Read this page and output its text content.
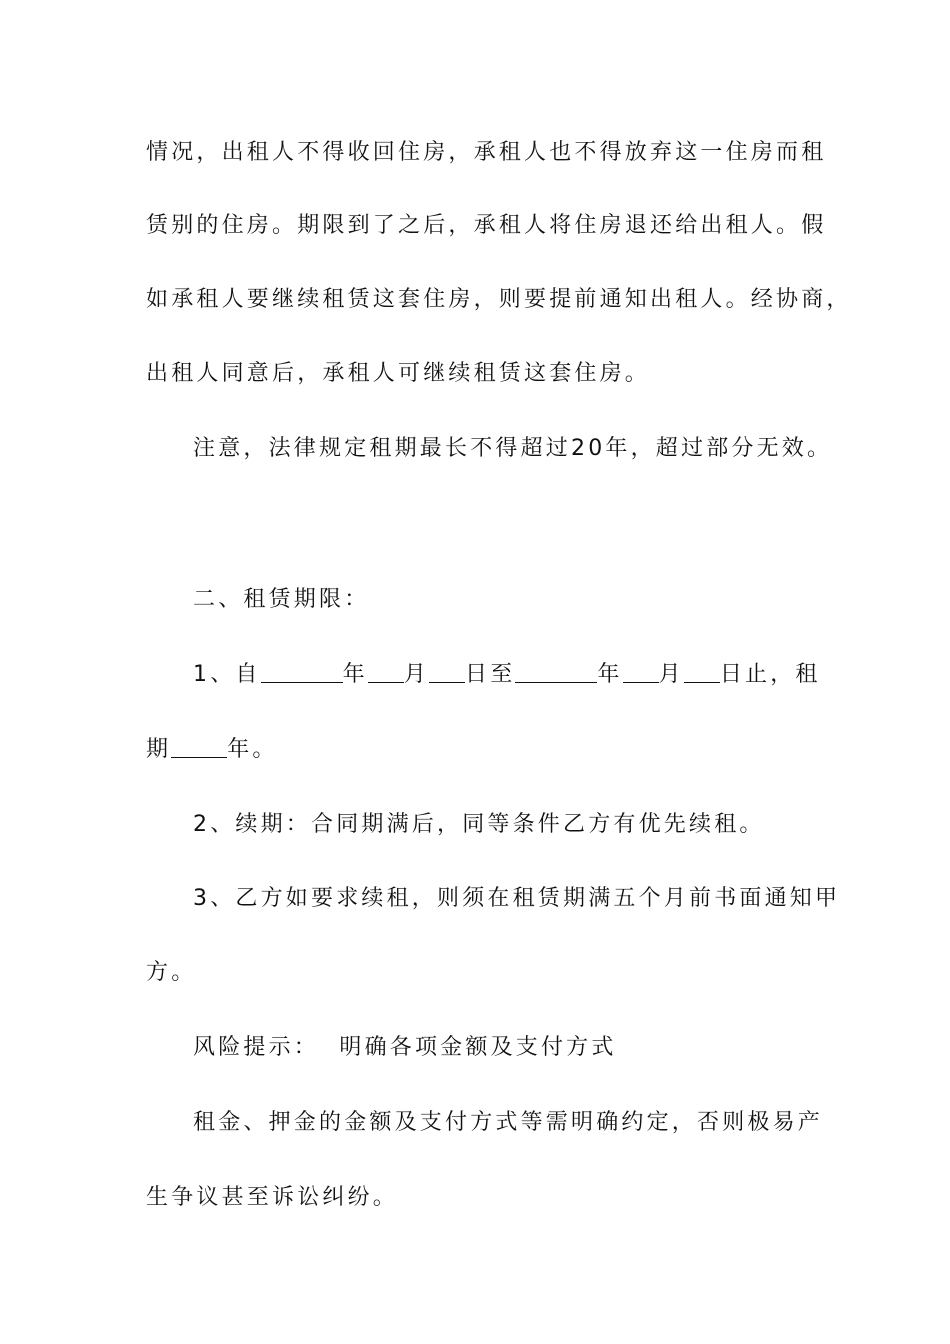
情况，出租人不得收回住房，承租人也不得放弃这一住房而租
赁别的住房。期限到了之后，承租人将住房退还给出租人。假
如承租人要继续租赁这套住房，则要提前通知出租人。经协商，
出租人同意后，承租人可继续租赁这套住房。
注意，法律规定租期最长不得超过20年，超过部分无效。
二、租赁期限：
1、自	年 月 日至	年 月 日止，租
期	年。
2、续期：合同期满后，同等条件乙方有优先续租。
3、乙方如要求续租，则须在租赁期满五个月前书面通知甲
方。
风险提示：  明确各项金额及支付方式
租金、押金的金额及支付方式等需明确约定，否则极易产
生争议甚至诉讼纠纷。
